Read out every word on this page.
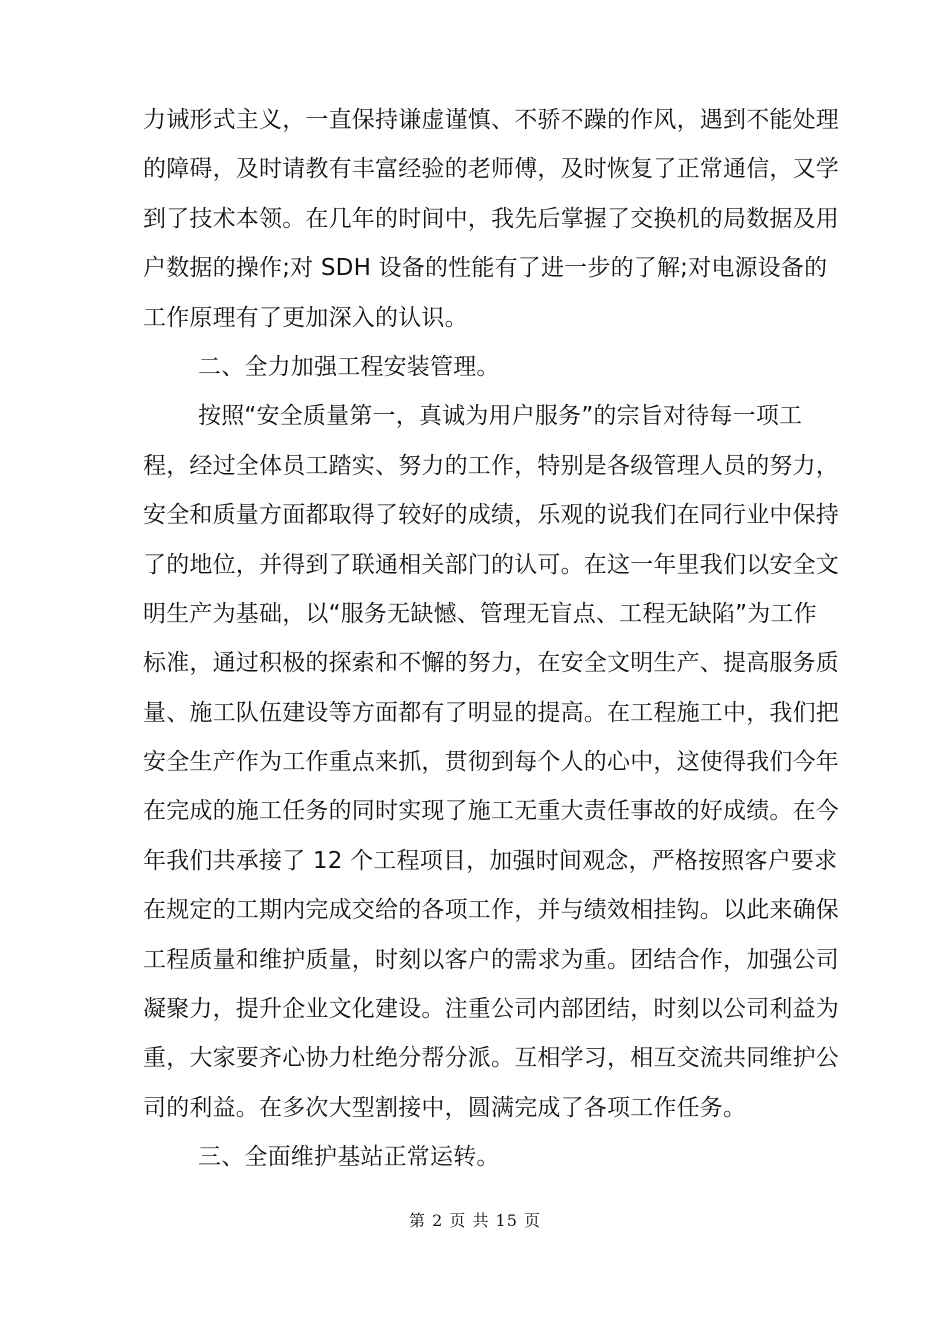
力诫形式主义，一直保持谦虚谨慎、不骄不躁的作风，遇到不能处理
的障碍，及时请教有丰富经验的老师傅，及时恢复了正常通信，又学
到了技术本领。在几年的时间中，我先后掌握了交换机的局数据及用
户数据的操作;对 SDH 设备的性能有了进一步的了解;对电源设备的
工作原理有了更加深入的认识。
二、全力加强工程安装管理。
按照“安全质量第一，真诚为用户服务”的宗旨对待每一项工
程，经过全体员工踏实、努力的工作，特别是各级管理人员的努力，
安全和质量方面都取得了较好的成绩，乐观的说我们在同行业中保持
了的地位，并得到了联通相关部门的认可。在这一年里我们以安全文
明生产为基础，以“服务无缺憾、管理无盲点、工程无缺陷”为工作
标准，通过积极的探索和不懈的努力，在安全文明生产、提高服务质
量、施工队伍建设等方面都有了明显的提高。在工程施工中，我们把
安全生产作为工作重点来抓，贯彻到每个人的心中，这使得我们今年
在完成的施工任务的同时实现了施工无重大责任事故的好成绩。在今
年我们共承接了 12 个工程项目，加强时间观念，严格按照客户要求
在规定的工期内完成交给的各项工作，并与绩效相挂钩。以此来确保
工程质量和维护质量，时刻以客户的需求为重。团结合作，加强公司
凝聚力，提升企业文化建设。注重公司内部团结，时刻以公司利益为
重，大家要齐心协力杜绝分帮分派。互相学习，相互交流共同维护公
司的利益。在多次大型割接中，圆满完成了各项工作任务。
三、全面维护基站正常运转。
第 2 页 共 15 页
